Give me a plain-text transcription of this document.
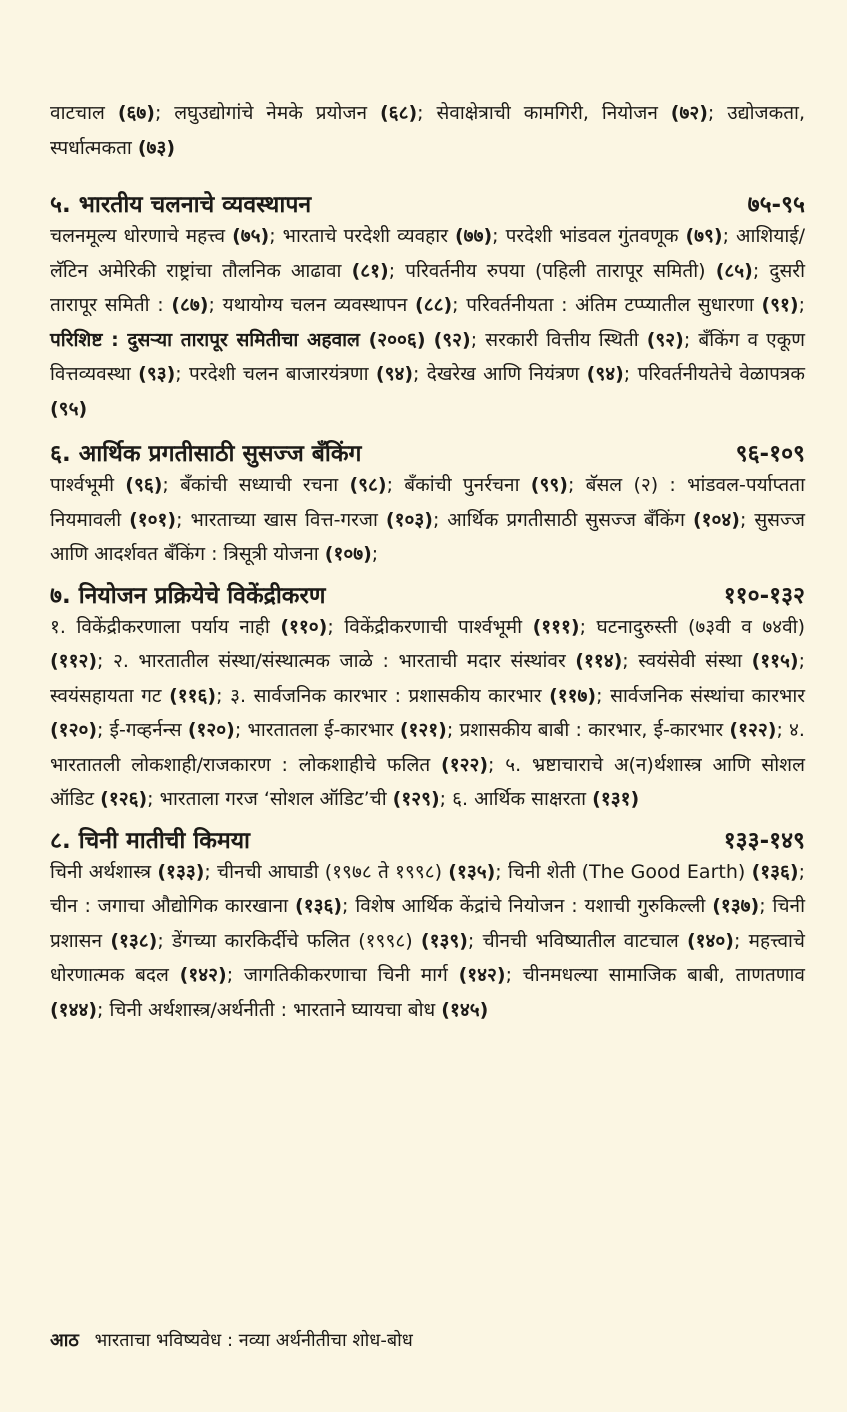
वाटचाल (६७); लघुउद्योगांचे नेमके प्रयोजन (६८); सेवाक्षेत्राची कामगिरी, नियोजन (७२); उद्योजकता, स्पर्धात्मकता (७३)

५. भारतीय चलनाचे व्यवस्थापन	७५-९५

चलनमूल्य धोरणाचे महत्त्व (७५); भारताचे परदेशी व्यवहार (७७); परदेशी भांडवल गुंतवणूक (७९); आशियाई/लॅटिन अमेरिकी राष्ट्रांचा तौलनिक आढावा (८१); परिवर्तनीय रुपया (पहिली तारापूर समिती) (८५); दुसरी तारापूर समिती : (८७); यथायोग्य चलन व्यवस्थापन (८८); परिवर्तनीयता : अंतिम टप्प्यातील सुधारणा (९१); परिशिष्ट : दुसऱ्या तारापूर समितीचा अहवाल (२००६) (९२); सरकारी वित्तीय स्थिती (९२); बँकिंग व एकूण वित्तव्यवस्था (९३); परदेशी चलन बाजारयंत्रणा (९४); देखरेख आणि नियंत्रण (९४); परिवर्तनीयतेचे वेळापत्रक (९५)

६. आर्थिक प्रगतीसाठी सुसज्ज बँकिंग	९६-१०९

पार्श्वभूमी (९६); बँकांची सध्याची रचना (९८); बँकांची पुनर्रचना (९९); बॅसल (२) : भांडवल-पर्याप्तता नियमावली (१०१); भारताच्या खास वित्त-गरजा (१०३); आर्थिक प्रगतीसाठी सुसज्ज बँकिंग (१०४); सुसज्ज आणि आदर्शवत बँकिंग : त्रिसूत्री योजना (१०७);

७. नियोजन प्रक्रियेचे विकेंद्रीकरण	११०-१३२

१. विकेंद्रीकरणाला पर्याय नाही (११०); विकेंद्रीकरणाची पार्श्वभूमी (१११); घटनादुरुस्ती (७३वी व ७४वी) (११२); २. भारतातील संस्था/संस्थात्मक जाळे : भारताची मदार संस्थांवर (११४); स्वयंसेवी संस्था (११५); स्वयंसहायता गट (११६); ३. सार्वजनिक कारभार : प्रशासकीय कारभार (११७); सार्वजनिक संस्थांचा कारभार (१२०); ई-गव्हर्नन्स (१२०); भारतातला ई-कारभार (१२१); प्रशासकीय बाबी : कारभार, ई-कारभार (१२२); ४. भारतातली लोकशाही/राजकारण : लोकशाहीचे फलित (१२२); ५. भ्रष्टाचाराचे अ(न)र्थशास्त्र आणि सोशल ऑडिट (१२६); भारताला गरज ‘सोशल ऑडिट’ची (१२९); ६. आर्थिक साक्षरता (१३१)

८. चिनी मातीची किमया	१३३-१४९

चिनी अर्थशास्त्र (१३३); चीनची आघाडी (१९७८ ते १९९८) (१३५); चिनी शेती (The Good Earth) (१३६); चीन : जगाचा औद्योगिक कारखाना (१३६); विशेष आर्थिक केंद्रांचे नियोजन : यशाची गुरुकिल्ली (१३७); चिनी प्रशासन (१३८); डेंगच्या कारकिर्दीचे फलित (१९९८) (१३९); चीनची भविष्यातील वाटचाल (१४०); महत्त्वाचे धोरणात्मक बदल (१४२); जागतिकीकरणाचा चिनी मार्ग (१४२); चीनमधल्या सामाजिक बाबी, ताणतणाव (१४४); चिनी अर्थशास्त्र/अर्थनीती : भारताने घ्यायचा बोध (१४५)

आठ भारताचा भविष्यवेध : नव्या अर्थनीतीचा शोध-बोध
